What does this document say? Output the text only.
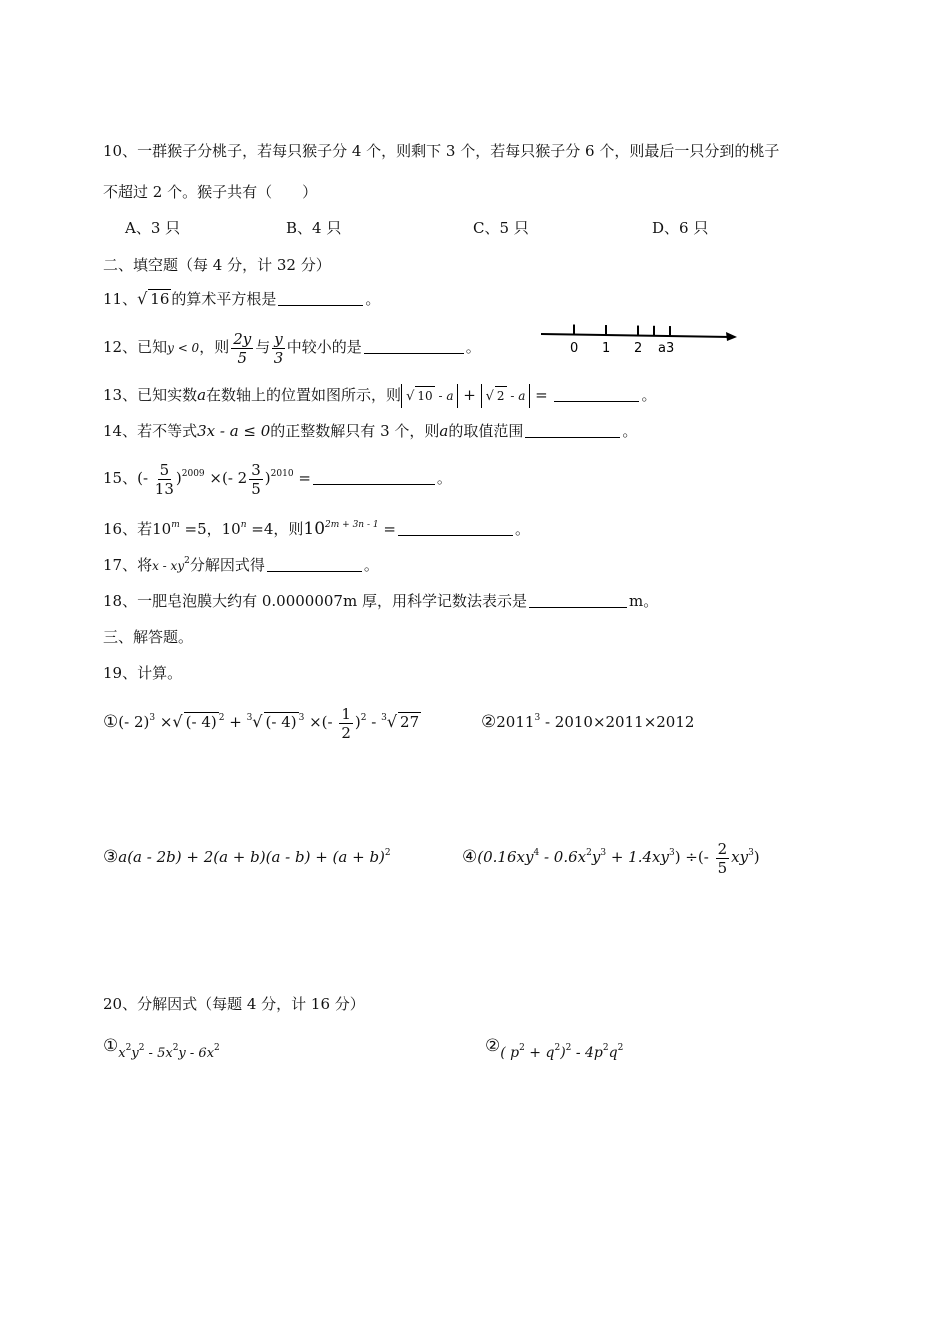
10、一群猴子分桃子，若每只猴子分 4 个，则剩下 3 个，若每只猴子分 6 个，则最后一只分到的桃子
不超过 2 个。猴子共有（　　）
A、3 只	B、4 只	C、5 只	D、6 只
二、填空题（每 4 分，计 32 分）
11、√ 16 的算术平方根是	。
12、已知y < 0，则 $\frac{2y}{5}$ 与 $\frac{y}{3}$ 中较小的是	。	0 1 2 a 3
13、已知实数a在数轴上的位置如图所示，则 √ 10 - a + √ 2 - a =	。
14、若不等式3x - a ≤ 0的正整数解只有 3 个，则a的取值范围	。
15、(- $\frac{5}{13} )^{2009}$ ×(- $2 \frac{3}{5} )^{2010}$ =	。
16、若$10^m =5$，$10^n =4$，则$10^{2m + 3n - 1}$ =	。
17、将x - $xy^2$分解因式得	。
18、一肥皂泡膜大约有 0.0000007m 厚，用科学记数法表示是	m。
三、解答题。
19、计算。
①(- 2)$^3$ ×√ (- 4) $^2$ + $^3$√ (- 4) $^3$ ×(- $\frac{1}{2} )^2 - ^3√$ 27	②2011$^3$ - 2010×2011×2012
③a(a - $2b) + 2(a + b)(a - b) + (a + b)^2$	$④(0.16xy^4 - 0.6x^2y^3 + 1.4xy^3)$ ÷(- $\frac{2}{5} xy^3$)
20、分解因式（每题 4 分，计 16 分）
$①x^2y^2 - 5x^2y - 6x^2$	②( $p^2 + q^2)^2 - 4p^2q^2$
